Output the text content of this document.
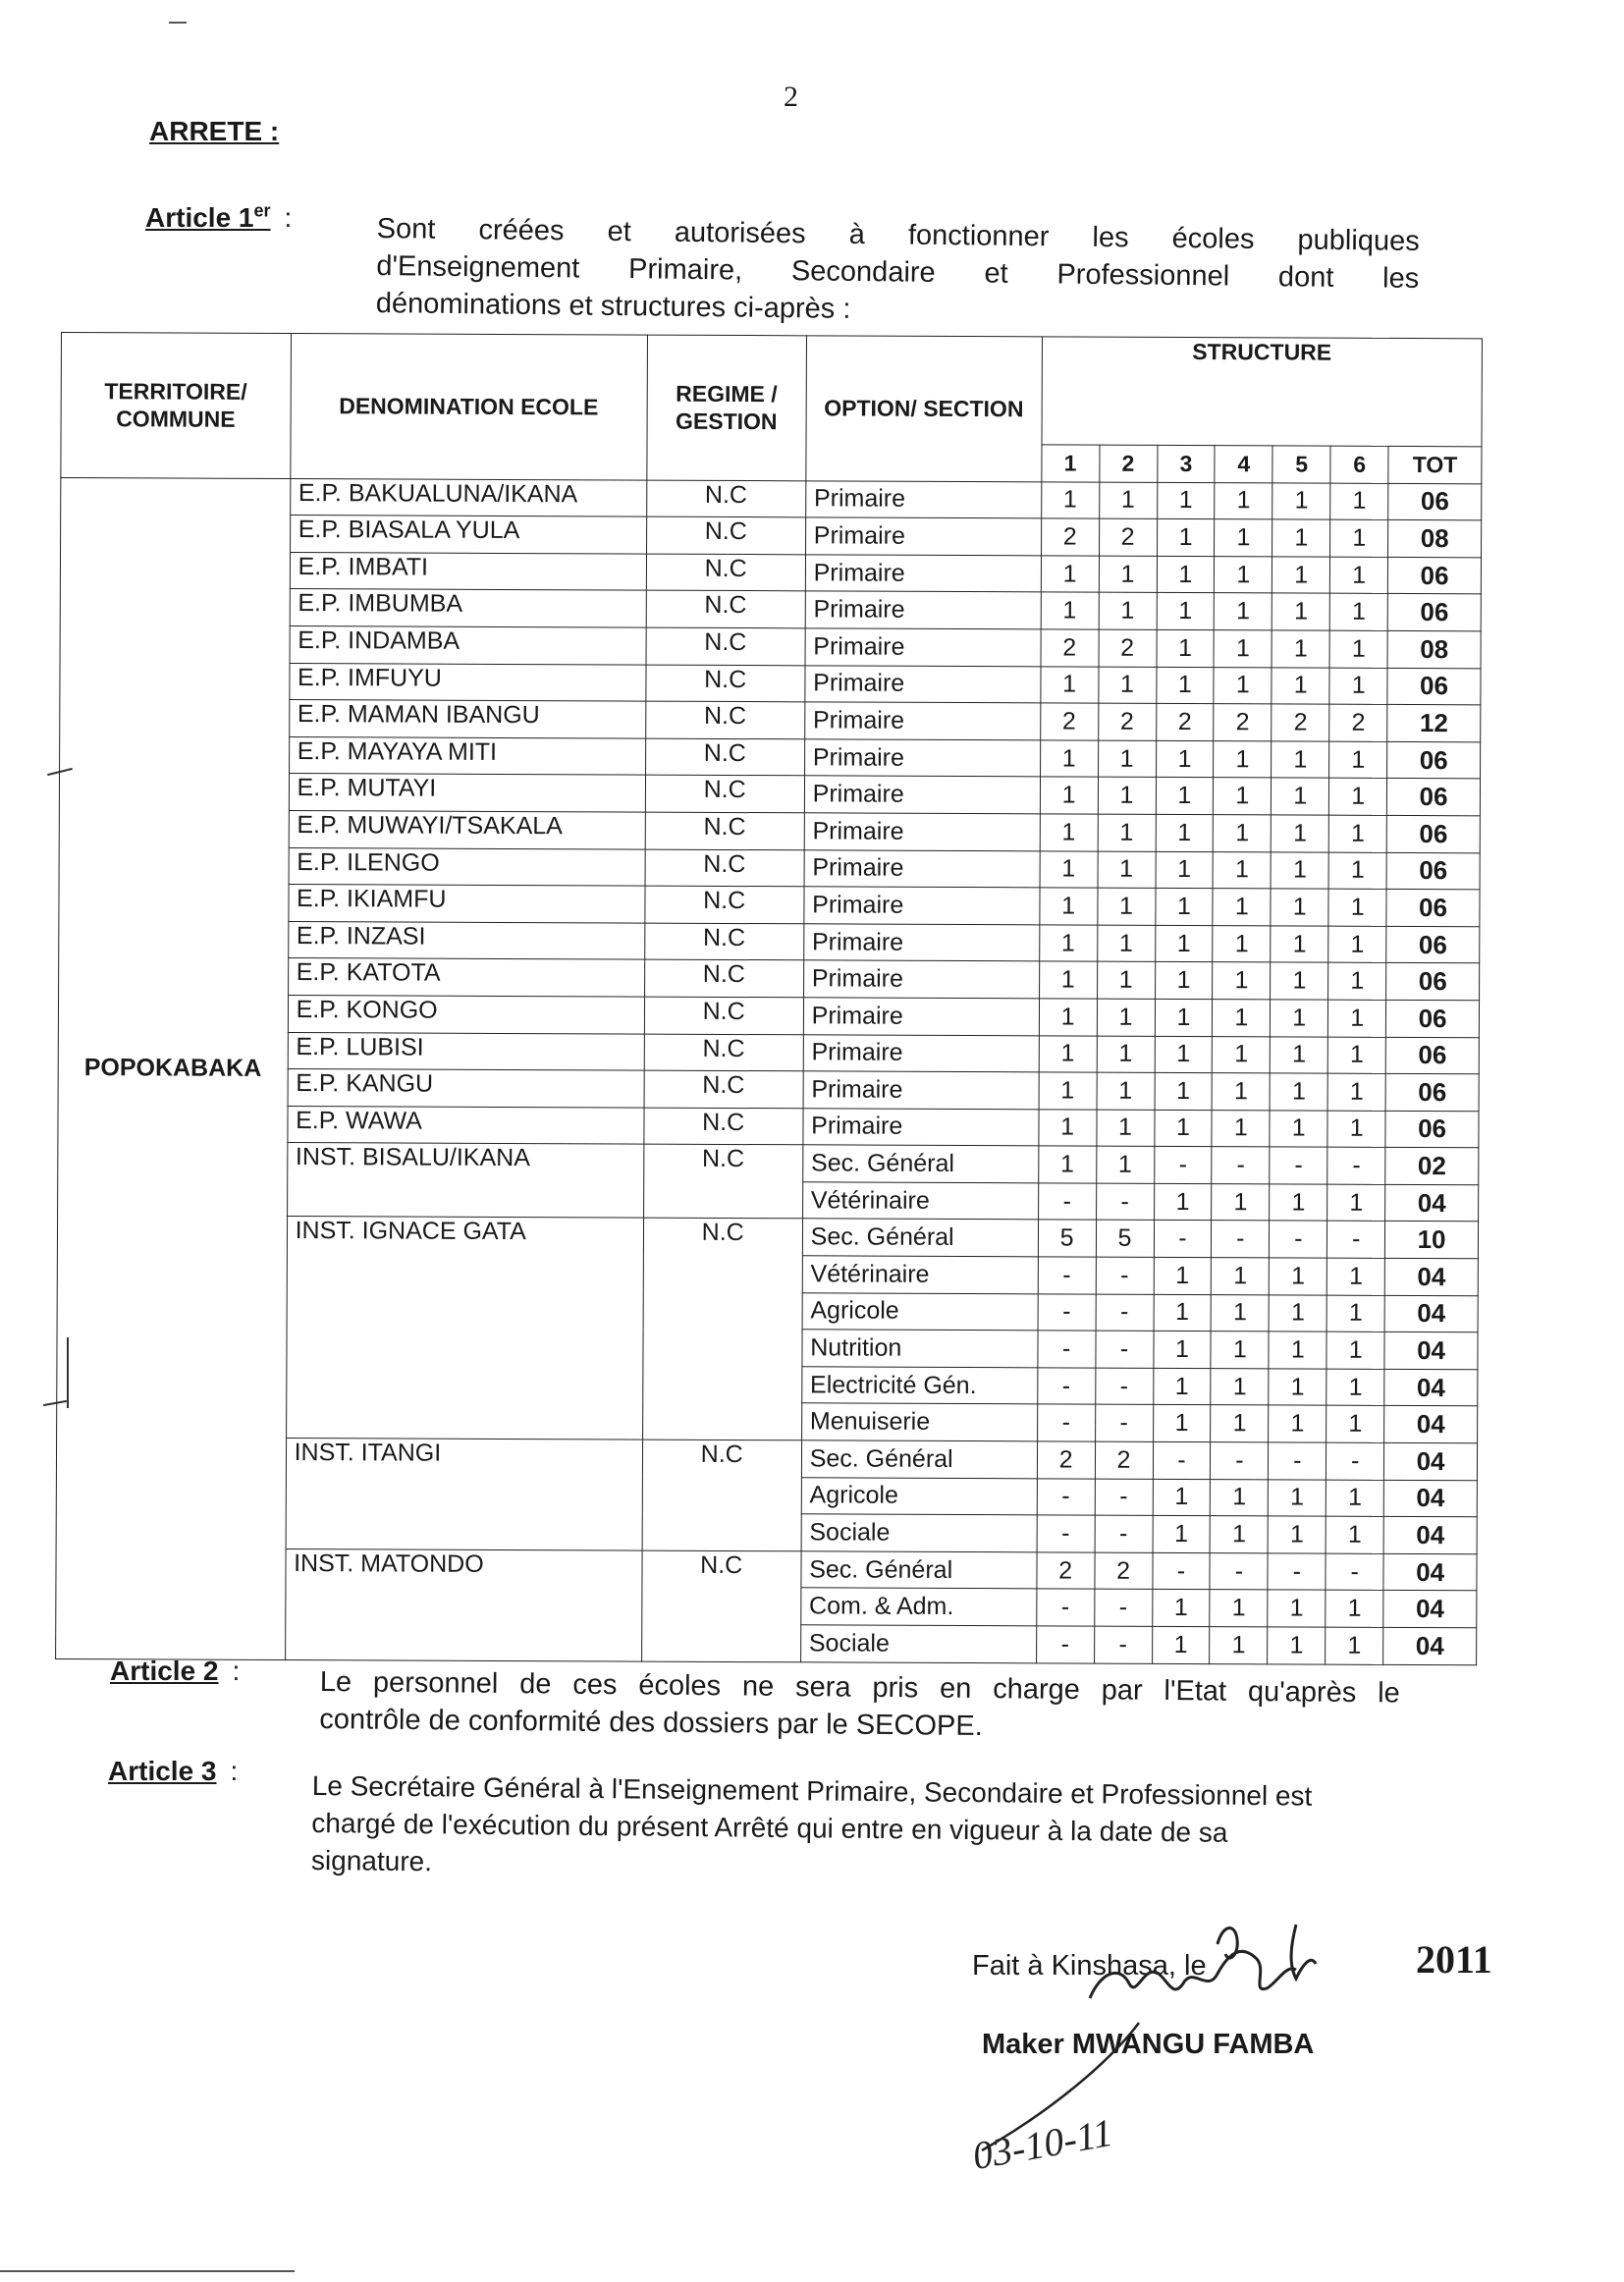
2
ARRETE :
Article 1er :	Sont créées et autorisées à fonctionner les écoles publiques
d'Enseignement Primaire, Secondaire et Professionnel dont les
dénominations et structures ci-après :
TERRITOIRE/ COMMUNE	DENOMINATION ECOLE	REGIME / GESTION	OPTION/ SECTION	STRUCTURE						
				1	2	3	4	5	6	TOT
POPOKABAKA	E.P. BAKUALUNA/IKANA	N.C	Primaire	1	1	1	1	1	1	06
	E.P. BIASALA YULA	N.C	Primaire	2	2	1	1	1	1	08
	E.P. IMBATI	N.C	Primaire	1	1	1	1	1	1	06
	E.P. IMBUMBA	N.C	Primaire	1	1	1	1	1	1	06
	E.P. INDAMBA	N.C	Primaire	2	2	1	1	1	1	08
	E.P. IMFUYU	N.C	Primaire	1	1	1	1	1	1	06
	E.P. MAMAN IBANGU	N.C	Primaire	2	2	2	2	2	2	12
	E.P. MAYAYA MITI	N.C	Primaire	1	1	1	1	1	1	06
	E.P. MUTAYI	N.C	Primaire	1	1	1	1	1	1	06
	E.P. MUWAYI/TSAKALA	N.C	Primaire	1	1	1	1	1	1	06
	E.P. ILENGO	N.C	Primaire	1	1	1	1	1	1	06
	E.P. IKIAMFU	N.C	Primaire	1	1	1	1	1	1	06
	E.P. INZASI	N.C	Primaire	1	1	1	1	1	1	06
	E.P. KATOTA	N.C	Primaire	1	1	1	1	1	1	06
	E.P. KONGO	N.C	Primaire	1	1	1	1	1	1	06
	E.P. LUBISI	N.C	Primaire	1	1	1	1	1	1	06
	E.P. KANGU	N.C	Primaire	1	1	1	1	1	1	06
	E.P. WAWA	N.C	Primaire	1	1	1	1	1	1	06
	INST. BISALU/IKANA	N.C	Sec. Général	1	1	-	-	-	-	02
			Vétérinaire	-	-	1	1	1	1	04
	INST. IGNACE GATA	N.C	Sec. Général	5	5	-	-	-	-	10
			Vétérinaire	-	-	1	1	1	1	04
			Agricole	-	-	1	1	1	1	04
			Nutrition	-	-	1	1	1	1	04
			Electricité Gén.	-	-	1	1	1	1	04
			Menuiserie	-	-	1	1	1	1	04
	INST. ITANGI	N.C	Sec. Général	2	2	-	-	-	-	04
			Agricole	-	-	1	1	1	1	04
			Sociale	-	-	1	1	1	1	04
	INST. MATONDO	N.C	Sec. Général	2	2	-	-	-	-	04
			Com. & Adm.	-	-	1	1	1	1	04
			Sociale	-	-	1	1	1	1	04
Article 2 :	Le personnel de ces écoles ne sera pris en charge par l'Etat qu'après le
contrôle de conformité des dossiers par le SECOPE.
Article 3 :	Le Secrétaire Général à l'Enseignement Primaire, Secondaire et Professionnel est
chargé de l'exécution du présent Arrêté qui entre en vigueur à la date de sa
signature.
Fait à Kinshasa, le	2011
Maker MWANGU FAMBA
03-10-11
